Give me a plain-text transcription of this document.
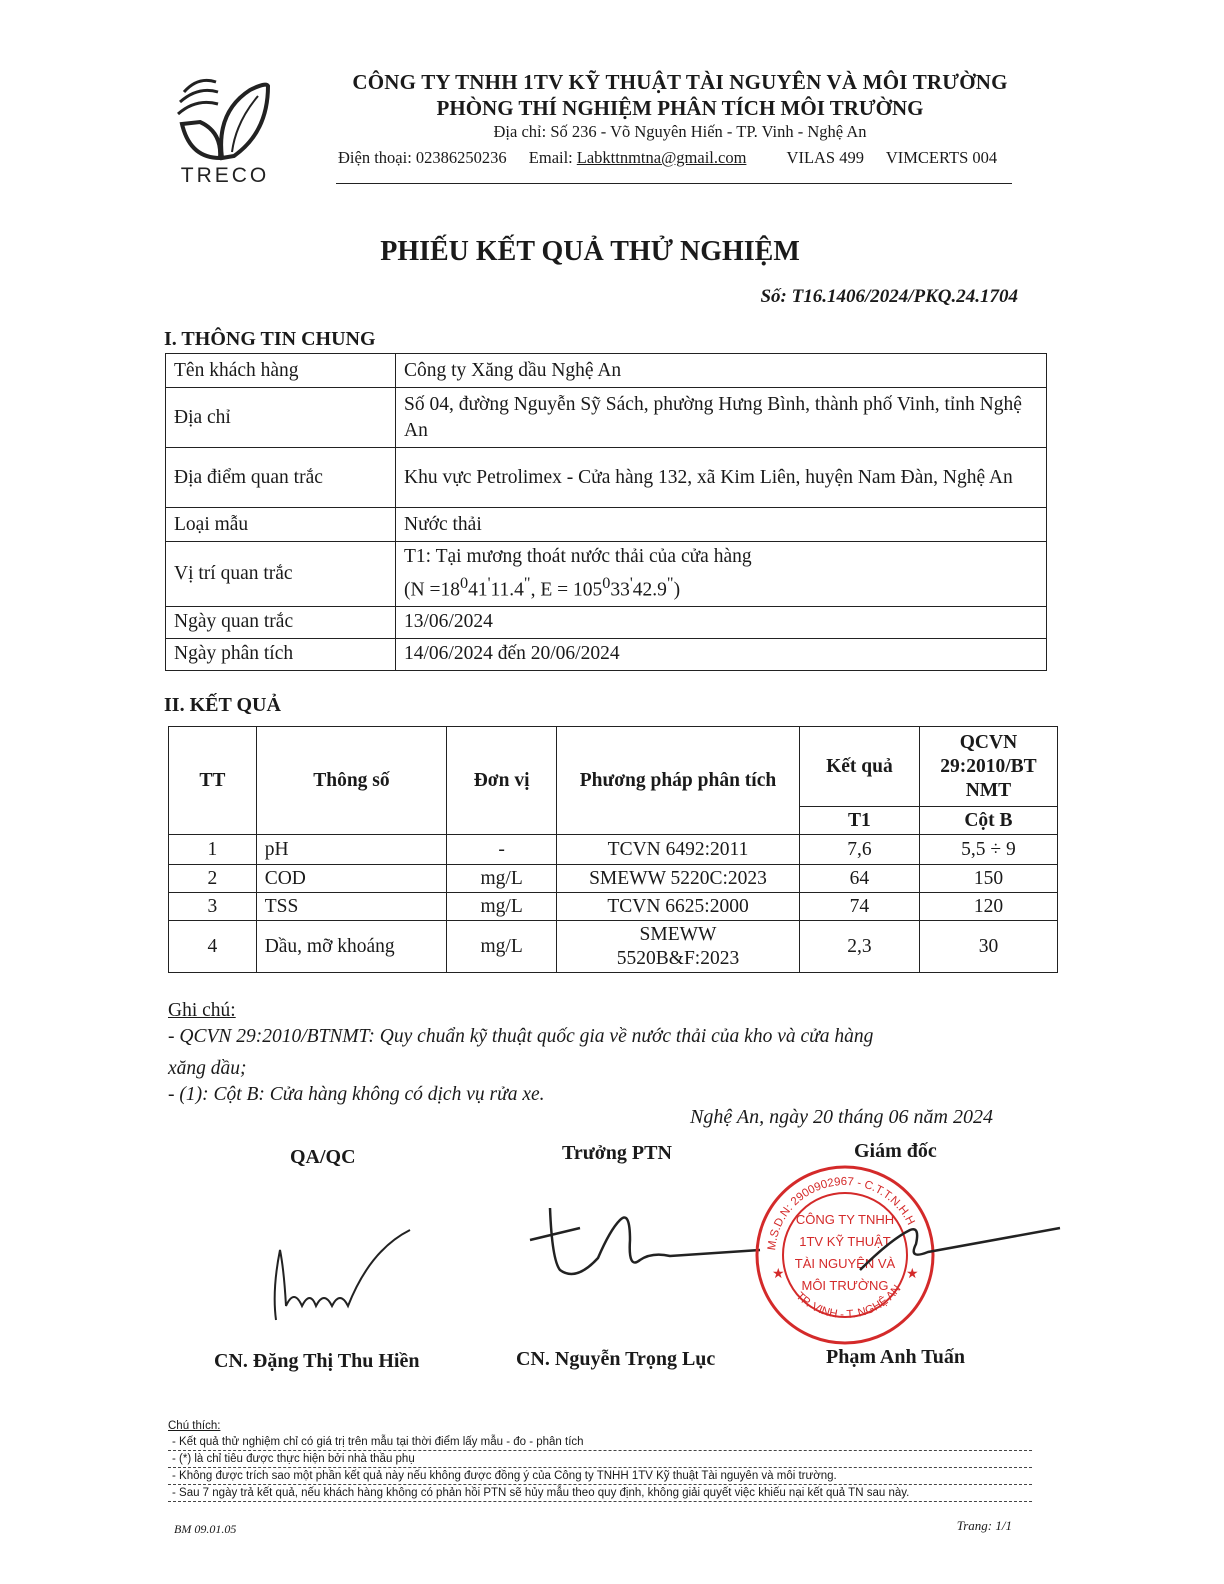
TRECO
CÔNG TY TNHH 1TV KỸ THUẬT TÀI NGUYÊN VÀ MÔI TRƯỜNG
PHÒNG THÍ NGHIỆM PHÂN TÍCH MÔI TRƯỜNG
Địa chỉ: Số 236 - Võ Nguyên Hiến - TP. Vinh - Nghệ An
Điện thoại: 02386250236 Email: Labkttnmtna@gmail.com VILAS 499 VIMCERTS 004
PHIẾU KẾT QUẢ THỬ NGHIỆM
Số: T16.1406/2024/PKQ.24.1704
I. THÔNG TIN CHUNG
Tên khách hàng	Công ty Xăng dầu Nghệ An
Địa chỉ	Số 04, đường Nguyễn Sỹ Sách, phường Hưng Bình, thành phố Vinh, tỉnh Nghệ An
Địa điểm quan trắc	Khu vực Petrolimex - Cửa hàng 132, xã Kim Liên, huyện Nam Đàn, Nghệ An
Loại mẫu	Nước thải
Vị trí quan trắc	T1: Tại mương thoát nước thải của cửa hàng
($N =18^041'11.4^"$, $E = 105^033'42.9^"$)

Ngày quan trắc	13/06/2024
Ngày phân tích	14/06/2024 đến 20/06/2024
II. KẾT QUẢ
TT	Thông số	Đơn vị	Phương pháp phân tích	Kết quả	QCVN 29:2010/BT NMT
				T1	Cột B
1	pH	-	TCVN 6492:2011	7,6	5,5 ÷ 9
2	COD	mg/L	SMEWW 5220C:2023	64	150
3	TSS	mg/L	TCVN 6625:2000	74	120
4	Dầu, mỡ khoáng	mg/L	SMEWW 5520B&F:2023	2,3	30
Ghi chú:
- QCVN 29:2010/BTNMT: Quy chuẩn kỹ thuật quốc gia về nước thải của kho và cửa hàng
xăng dầu;
- (1): Cột B: Cửa hàng không có dịch vụ rửa xe.
Nghệ An, ngày 20 tháng 06 năm 2024
QA/QC	Trưởng PTN	Giám đốc
M.S.D.N: 2900902967 - C.T.T.N.H.H
TP. VINH - T. NGHỆ AN
★	★
CÔNG TY TNHH
1TV KỸ THUẬT
TÀI NGUYÊN VÀ
MÔI TRƯỜNG
CN. Đặng Thị Thu Hiền	CN. Nguyễn Trọng Lục	Phạm Anh Tuấn
Chú thích:
- Kết quả thử nghiệm chỉ có giá trị trên mẫu tại thời điểm lấy mẫu - đo - phân tích
- (*) là chỉ tiêu được thực hiện bởi nhà thầu phụ
- Không được trích sao một phần kết quả này nếu không được đồng ý của Công ty TNHH 1TV Kỹ thuật Tài nguyên và môi trường.
- Sau 7 ngày trả kết quả, nếu khách hàng không có phản hồi PTN sẽ hủy mẫu theo quy định, không giải quyết việc khiếu nại kết quả TN sau này.
BM 09.01.05	Trang: 1/1
